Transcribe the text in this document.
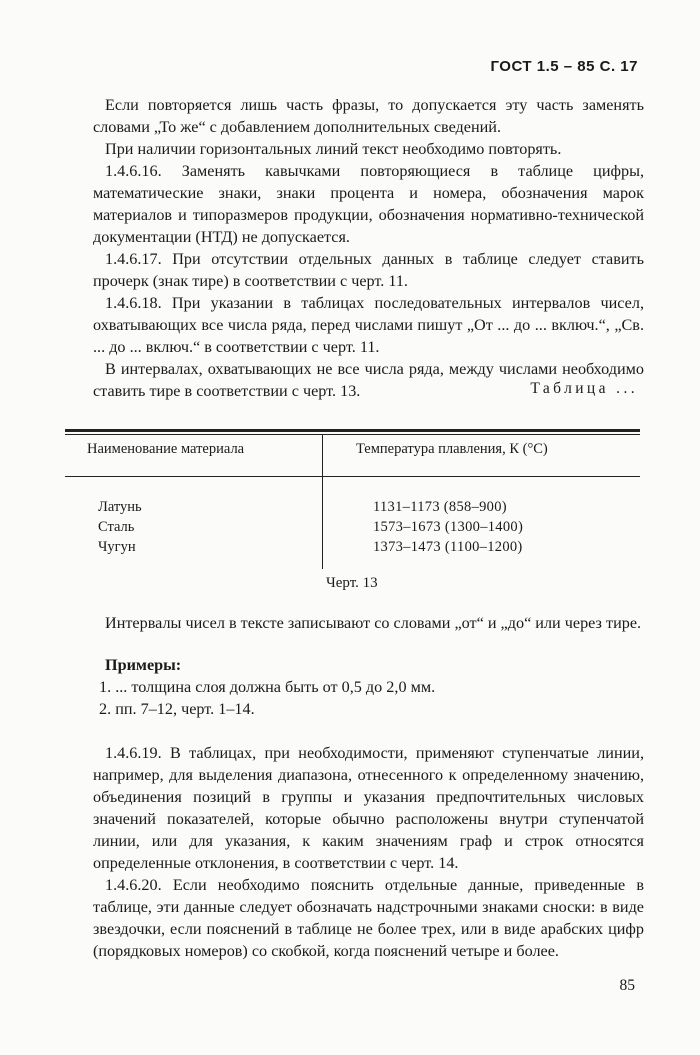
ГОСТ 1.5 – 85 С. 17

Если повторяется лишь часть фразы, то допускается эту часть заменять словами „То же“ с добавлением дополнительных сведений.

При наличии горизонтальных линий текст необходимо повторять.

1.4.6.16. Заменять кавычками повторяющиеся в таблице цифры, математические знаки, знаки процента и номера, обозначения марок материалов и типоразмеров продукции, обозначения нормативно-технической документации (НТД) не допускается.

1.4.6.17. При отсутствии отдельных данных в таблице следует ставить прочерк (знак тире) в соответствии с черт. 11.

1.4.6.18. При указании в таблицах последовательных интервалов чисел, охватывающих все числа ряда, перед числами пишут „От ... до ... включ.“, „Св. ... до ... включ.“ в соответствии с черт. 11.

В интервалах, охватывающих не все числа ряда, между числами необходимо ставить тире в соответствии с черт. 13.	Таблица ...
Наименование материала	Температура плавления, К (°С)
Латунь	1131–1173 (858–900)
Сталь	1573–1673 (1300–1400)
Чугун	1373–1473 (1100–1200)
Черт. 13

Интервалы чисел в тексте записывают со словами „от“ и „до“ или через тире.

Примеры:

1. ... толщина слоя должна быть от 0,5 до 2,0 мм.

2. пп. 7–12, черт. 1–14.

1.4.6.19. В таблицах, при необходимости, применяют ступенчатые линии, например, для выделения диапазона, отнесенного к определенному значению, объединения позиций в группы и указания предпочтительных числовых значений показателей, которые обычно расположены внутри ступенчатой линии, или для указания, к каким значениям граф и строк относятся определенные отклонения, в соответствии с черт. 14.

1.4.6.20. Если необходимо пояснить отдельные данные, приведенные в таблице, эти данные следует обозначать надстрочными знаками сноски: в виде звездочки, если пояснений в таблице не более трех, или в виде арабских цифр (порядковых номеров) со скобкой, когда пояснений четыре и более.

85
